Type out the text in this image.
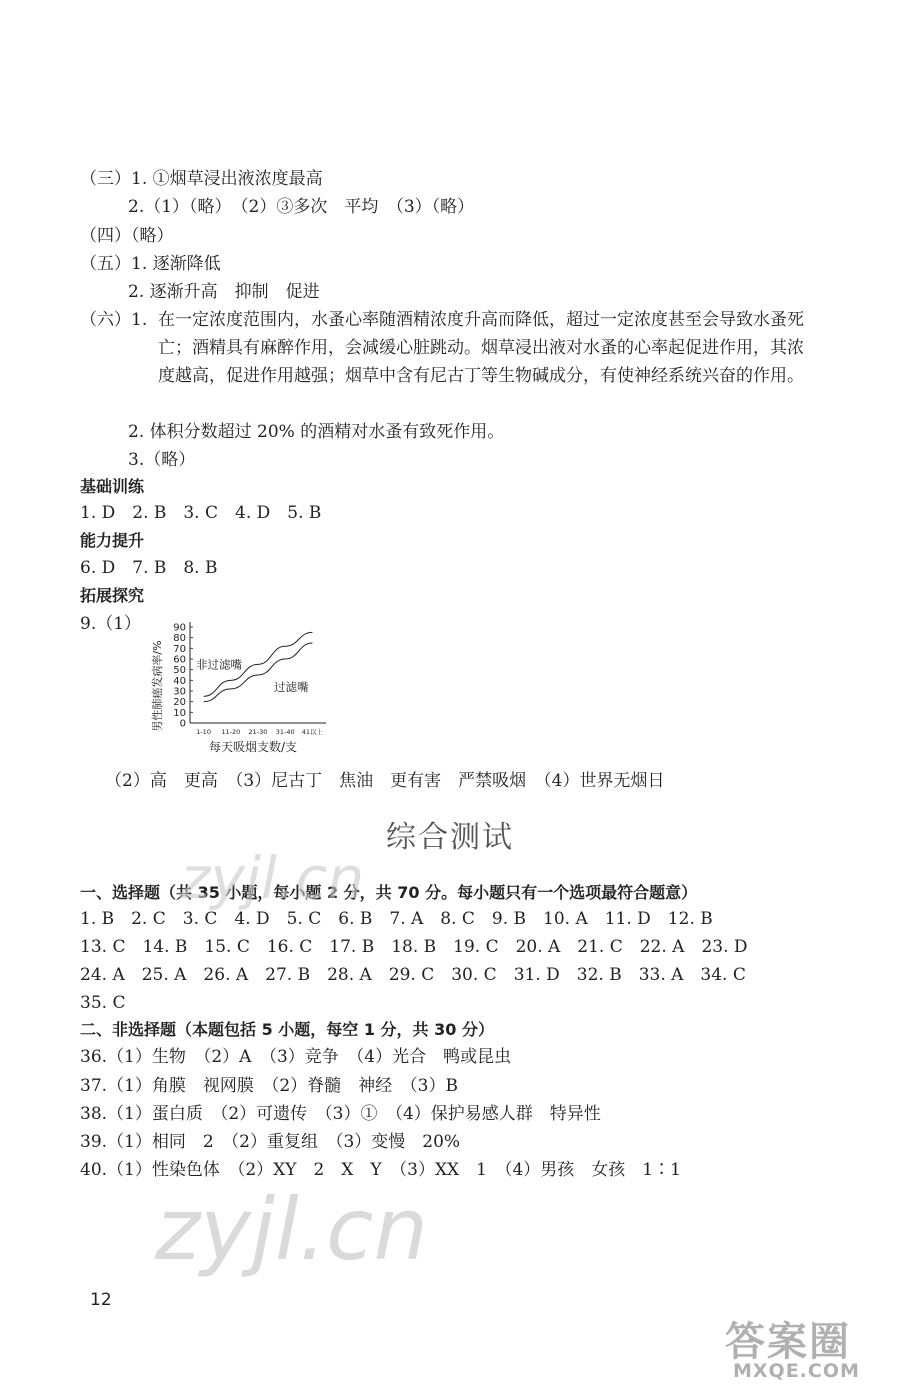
（三）1. ①烟草浸出液浓度最高
2.（1）（略）　（2）③多次　平均　（3）（略）
（四）（略）
（五）1. 逐渐降低
2. 逐渐升高　抑制　促进
（六）1. 在一定浓度范围内，水蚤心率随酒精浓度升高而降低，超过一定浓度甚至会导致水蚤死亡；酒精具有麻醉作用，会减缓心脏跳动。烟草浸出液对水蚤的心率起促进作用，其浓度越高，促进作用越强；烟草中含有尼古丁等生物碱成分，有使神经系统兴奋的作用。
2. 体积分数超过 20% 的酒精对水蚤有致死作用。
3.（略）
基础训练
1. D　2. B　3. C　4. D　5. B
能力提升
6. D　7. B　8. B
拓展探究
9.（1）
男性肺癌发病率/% 0
10
20
30
40
50
60
70
80
90
1-10 11-20 21-30 31-40 41以上
非过滤嘴
过滤嘴
每天吸烟支数/支
（2）高　更高　（3）尼古丁　焦油　更有害　严禁吸烟　（4）世界无烟日
综合测试
一、选择题（共 35 小题，每小题 2 分，共 70 分。每小题只有一个选项最符合题意）
1. B　2. C　3. C　4. D　5. C　6. B　7. A　8. C　9. B　10. A　11. D　12. B
13. C　14. B　15. C　16. C　17. B　18. B　19. C　20. A　21. C　22. A　23. D
24. A　25. A　26. A　27. B　28. A　29. C　30. C　31. D　32. B　33. A　34. C
35. C
二、非选择题（本题包括 5 小题，每空 1 分，共 30 分）
36.（1）生物　（2）A　（3）竞争　（4）光合　鸭或昆虫
37.（1）角膜　视网膜　（2）脊髓　神经　（3）B
38.（1）蛋白质　（2）可遗传　（3）①　（4）保护易感人群　特异性
39.（1）相同　2　（2）重复组　（3）变慢　20%
40.（1）性染色体　（2）XY　2　X　Y　（3）XX　1　（4）男孩　女孩　1∶1
zyjl.cn
zyjl.cn
12
答案圈
MXQE.COM
